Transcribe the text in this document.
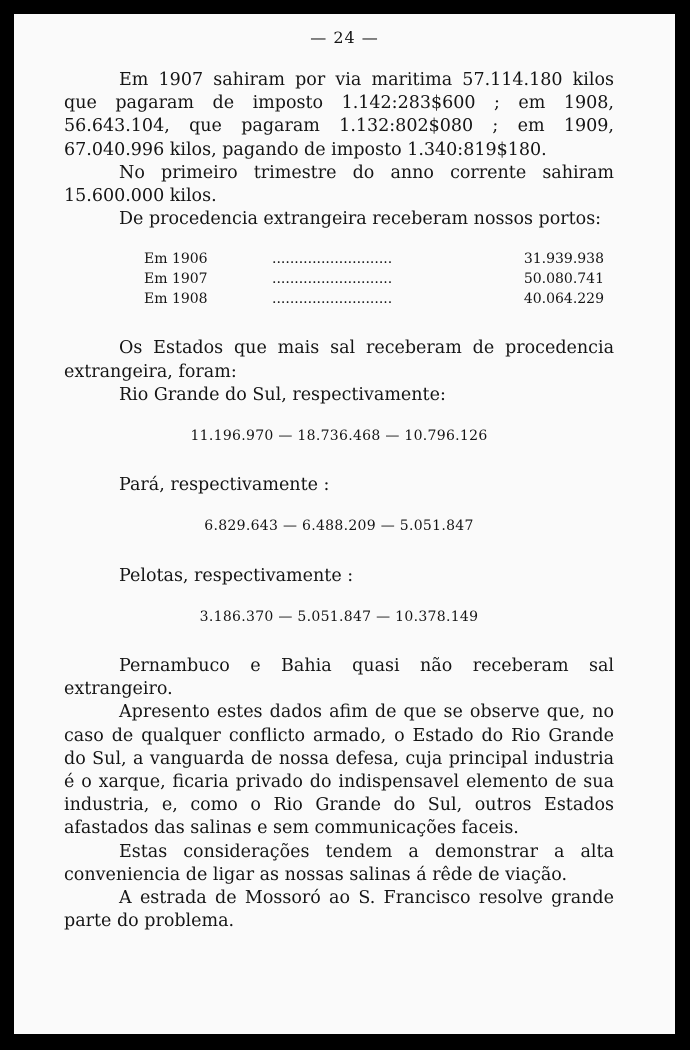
— 24 —

Em 1907 sahiram por via maritima 57.114.180 kilos que pagaram de imposto 1.142:283$600 ; em 1908, 56.643.104, que pagaram 1.132:802$080 ; em 1909, 67.040.996 kilos, pagando de imposto 1.340:819$180.

No primeiro trimestre do anno corrente sahiram 15.600.000 kilos.

De procedencia extrangeira receberam nossos portos:

Em 1906	...........................	31.939.938
Em 1907	...........................	50.080.741
Em 1908	...........................	40.064.229

Os Estados que mais sal receberam de procedencia extrangeira, foram:

Rio Grande do Sul, respectivamente:

11.196.970 — 18.736.468 — 10.796.126

Pará, respectivamente :

6.829.643 — 6.488.209 — 5.051.847

Pelotas, respectivamente :

3.186.370 — 5.051.847 — 10.378.149

Pernambuco e Bahia quasi não receberam sal extrangeiro.

Apresento estes dados afim de que se observe que, no caso de qualquer conflicto armado, o Estado do Rio Grande do Sul, a vanguarda de nossa defesa, cuja principal industria é o xarque, ficaria privado do indispensavel elemento de sua industria, e, como o Rio Grande do Sul, outros Estados afastados das salinas e sem communicações faceis.

Estas considerações tendem a demonstrar a alta conveniencia de ligar as nossas salinas á rêde de viação.

A estrada de Mossoró ao S. Francisco resolve grande parte do problema.
